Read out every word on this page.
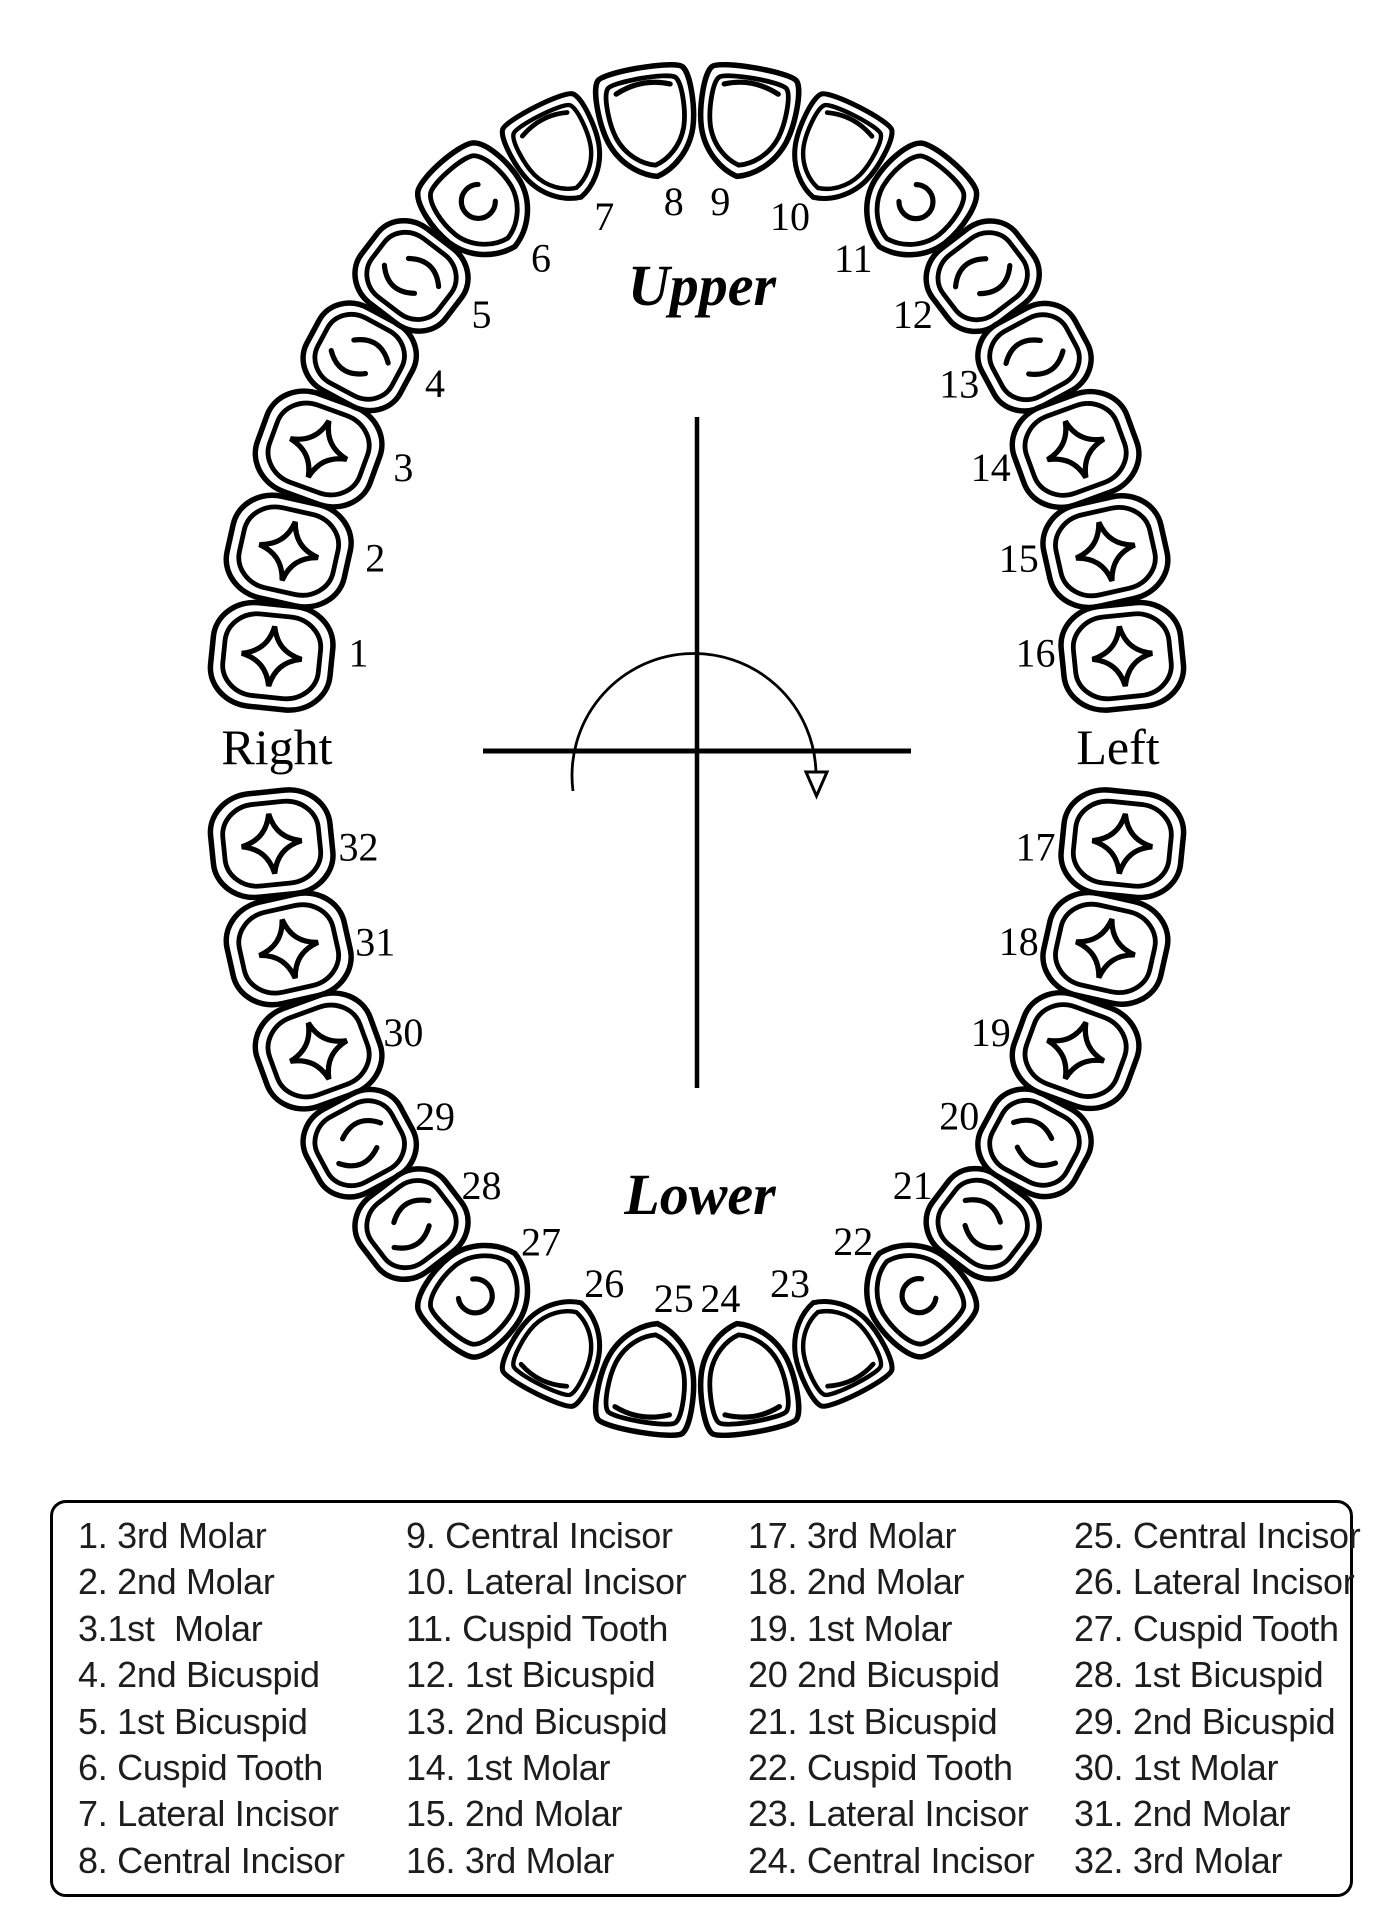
1
2
3
4
5
6
7 8 9 10
11
12
13
14
15
16
32
31
30
29
28
27
26 25 24 23
22
21
20
19
18
17
Upper
Lower
Right	Left
1. 3rd Molar
2. 2nd Molar
3.1st  Molar
4. 2nd Bicuspid
5. 1st Bicuspid
6. Cuspid Tooth
7. Lateral Incisor
8. Central Incisor
9. Central Incisor
10. Lateral Incisor
11. Cuspid Tooth
12. 1st Bicuspid
13. 2nd Bicuspid
14. 1st Molar
15. 2nd Molar
16. 3rd Molar
17. 3rd Molar
18. 2nd Molar
19. 1st Molar
20 2nd Bicuspid
21. 1st Bicuspid
22. Cuspid Tooth
23. Lateral Incisor
24. Central Incisor
25. Central Incisor
26. Lateral Incisor
27. Cuspid Tooth
28. 1st Bicuspid
29. 2nd Bicuspid
30. 1st Molar
31. 2nd Molar
32. 3rd Molar
